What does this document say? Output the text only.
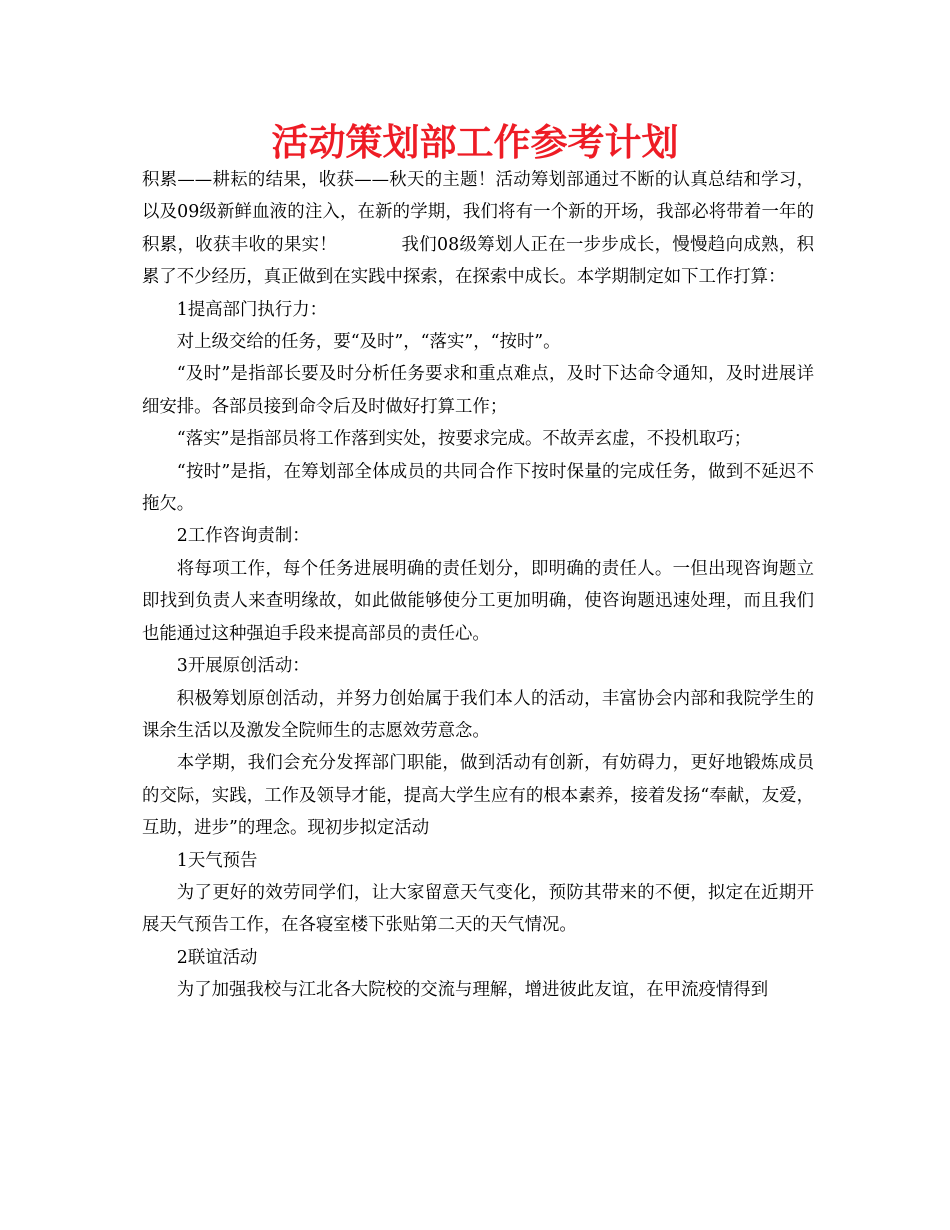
活动策划部工作参考计划

积累——耕耘的结果，收获——秋天的主题！活动筹划部通过不断的认真总结和学习，以及09级新鲜血液的注入，在新的学期，我们将有一个新的开场，我部必将带着一年的积累，收获丰收的果实！	我们08级筹划人正在一步步成长，慢慢趋向成熟，积累了不少经历，真正做到在实践中探索，在探索中成长。本学期制定如下工作打算：

1提高部门执行力：

对上级交给的任务，要“及时”，“落实”，“按时”。

“及时”是指部长要及时分析任务要求和重点难点，及时下达命令通知，及时进展详细安排。各部员接到命令后及时做好打算工作；

“落实”是指部员将工作落到实处，按要求完成。不故弄玄虚，不投机取巧；

“按时”是指，在筹划部全体成员的共同合作下按时保量的完成任务，做到不延迟不拖欠。

2工作咨询责制：

将每项工作，每个任务进展明确的责任划分，即明确的责任人。一但出现咨询题立即找到负责人来查明缘故，如此做能够使分工更加明确，使咨询题迅速处理，而且我们也能通过这种强迫手段来提高部员的责任心。

3开展原创活动：

积极筹划原创活动，并努力创始属于我们本人的活动，丰富协会内部和我院学生的课余生活以及激发全院师生的志愿效劳意念。

本学期，我们会充分发挥部门职能，做到活动有创新，有妨碍力，更好地锻炼成员的交际，实践，工作及领导才能，提高大学生应有的根本素养，接着发扬“奉献，友爱，互助，进步”的理念。现初步拟定活动

1天气预告

为了更好的效劳同学们，让大家留意天气变化，预防其带来的不便，拟定在近期开展天气预告工作，在各寝室楼下张贴第二天的天气情况。

2联谊活动

为了加强我校与江北各大院校的交流与理解，增进彼此友谊，在甲流疫情得到
